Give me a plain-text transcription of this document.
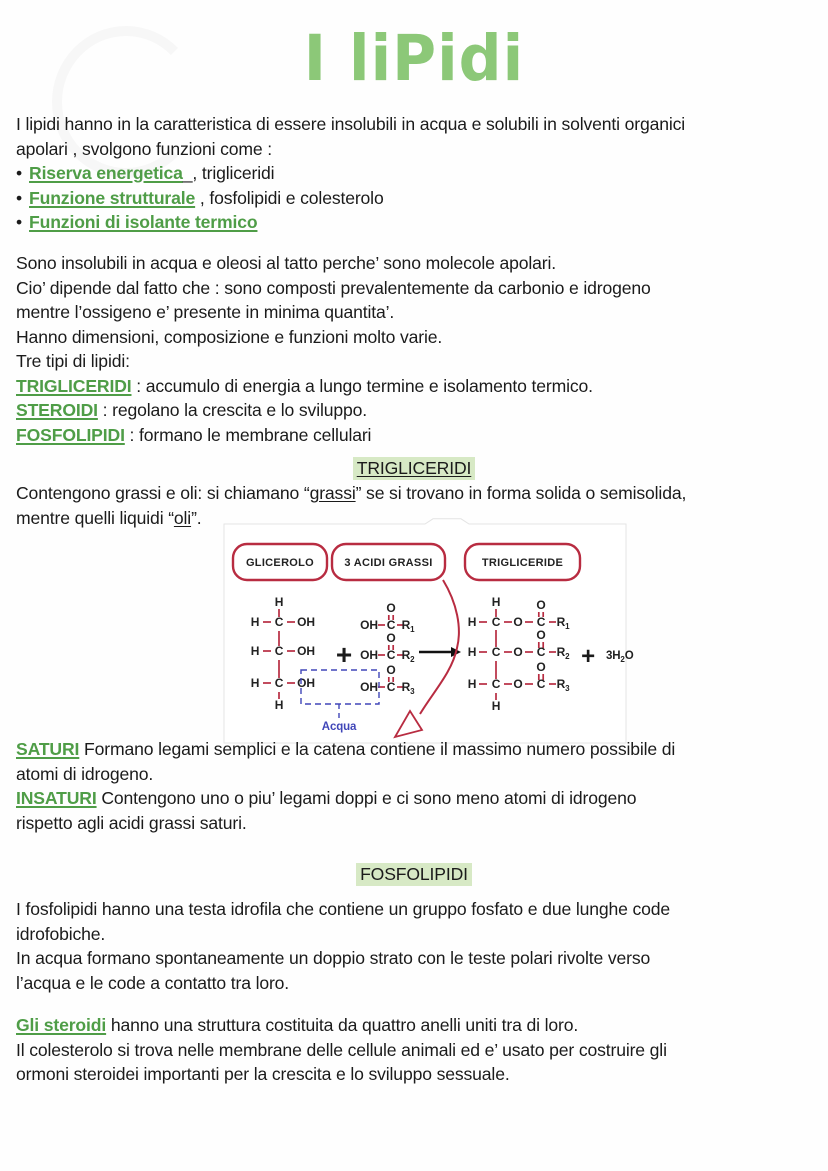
I liPidi
I lipidi hanno in la caratteristica di essere insolubili in acqua e solubili in solventi organici
apolari , svolgono funzioni come :
• Riserva energetica_, trigliceridi
• Funzione strutturale , fosfolipidi e colesterolo
• Funzioni di isolante termico
Sono insolubili in acqua e oleosi al tatto perche’ sono molecole apolari.
Cio’ dipende dal fatto che : sono composti prevalentemente da carbonio e idrogeno
mentre l’ossigeno e’ presente in minima quantita’.
Hanno dimensioni, composizione e funzioni molto varie.
Tre tipi di lipidi:
TRIGLICERIDI : accumulo di energia a lungo termine e isolamento termico.
STEROIDI : regolano la crescita e lo sviluppo.
FOSFOLIPIDI : formano le membrane cellulari
TRIGLICERIDI
Contengono grassi e oli: si chiamano “grassi” se si trovano in forma solida o semisolida,
mentre quelli liquidi “oli”.
GLICEROLO	3 ACIDI GRASSI	TRIGLICERIDE
H
H C OH
H C OH
H C OH
H
+
O
OH C $R_1$
O
OH C $R_2$
O
OH C $R_3$
H	O
H C O C $R_1$
O
H C O C $R_2$
O
H C O C $R_3$
H
+ $3H_2O$
Acqua
SATURI Formano legami semplici e la catena contiene il massimo numero possibile di
atomi di idrogeno.
INSATURI Contengono uno o piu’ legami doppi e ci sono meno atomi di idrogeno
rispetto agli acidi grassi saturi.
FOSFOLIPIDI
I fosfolipidi hanno una testa idrofila che contiene un gruppo fosfato e due lunghe code
idrofobiche.
In acqua formano spontaneamente un doppio strato con le teste polari rivolte verso
l’acqua e le code a contatto tra loro.
Gli steroidi hanno una struttura costituita da quattro anelli uniti tra di loro.
Il colesterolo si trova nelle membrane delle cellule animali ed e’ usato per costruire gli
ormoni steroidei importanti per la crescita e lo sviluppo sessuale.
